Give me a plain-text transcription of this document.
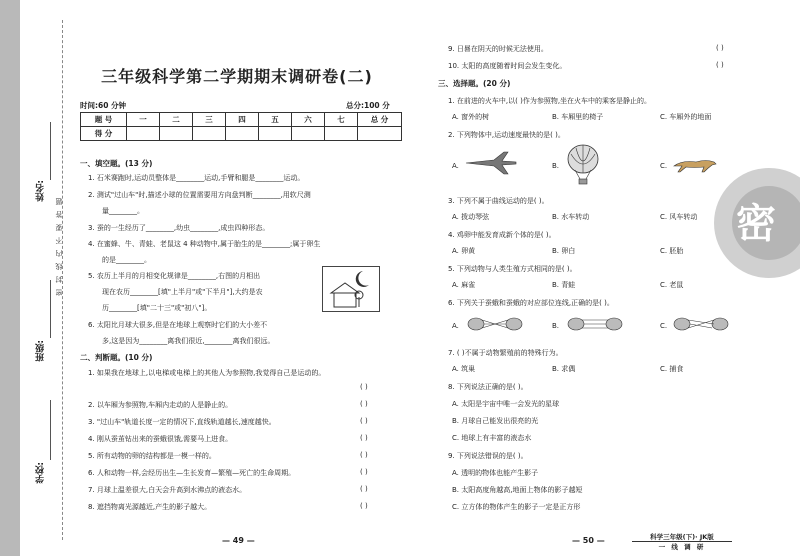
姓名:
班级:
学校:
密封线内不要答题
三年级科学第二学期期末调研卷(二)
时间:60 分钟	总分:100 分
题 号	一	二	三	四	五	六	七	总 分
得 分								
一、填空题。(13 分)
1. 石米赛跑时,运动员整体是________运动,手臂和腿是________运动。
2. 测试"过山车"时,描述小球的位置需要用方向盘判断________,用软尺测
量________。
3. 蚕的一生经历了________,幼虫________,成虫四种形态。
4. 在蜜蜂、牛、青蛙、老鼠这 4 种动物中,属于胎生的是________;属于卵生
的是________。
5. 农历上半月的月相变化规律是________,右图的月相出
现在农历________[填"上半月"或"下半月"],大约是农
历________[填"二十三"或"初八"]。
6. 太阳比月球大很多,但是在地球上观察时它们的大小差不
多,这是因为________离我们很近,________离我们很远。
二、判断题。(10 分)
1. 如果我在地球上,以电梯或电梯上的其他人为参照物,我觉得自己是运动的。
( )
2. 以车厢为参照物,车厢内走动的人是静止的。	( )
3. "过山车"轨道长度一定的情况下,直线轨道越长,速度越快。	( )
4. 刚从蚕茧钻出来的蚕蛾很饿,需要马上进食。	( )
5. 所有动物的卵的结构都是一模一样的。	( )
6. 人和动物一样,会经历出生—生长发育—繁殖—死亡的生命周期。	( )
7. 月球上温差很大,白天会升高到水沸点的液态水。	( )
8. 遮挡物离光源越近,产生的影子越大。	( )
— 49 —
密
9. 日晷在阴天的时候无法使用。	( )
10. 太阳的高度随着时间会发生变化。	( )
三、选择题。(20 分)
1. 在前进的火车中,以( )作为参照物,坐在火车中的乘客是静止的。
A. 窗外的树	B. 车厢里的椅子	C. 车厢外的地面
2. 下列物体中,运动速度最快的是( )。
A.	B.	C.
3. 下列不属于曲线运动的是( )。
A. 拨动琴弦	B. 水车转动	C. 风车转动
4. 鸡卵中能发育成新个体的是( )。
A. 卵黄	B. 卵白	C. 胚胎
5. 下列动物与人类生殖方式相同的是( )。
A. 麻雀	B. 青蛙	C. 老鼠
6. 下列关于蚕蛾和蚕蛾的对应部位连线,正确的是( )。
A.	B.	C.
7. ( )不属于动物繁殖前的特殊行为。
A. 筑巢	B. 求偶	C. 捕食
8. 下列说法正确的是( )。
A. 太阳是宇宙中唯一会发光的星球
B. 月球自己能发出很亮的光
C. 地球上有丰富的液态水
9. 下列说法错误的是( )。
A. 透明的物体也能产生影子
B. 太阳高度角越高,地面上物体的影子越短
C. 立方体的物体产生的影子一定是正方形
— 50 —	科学三年级(下)· JK版
一 线 调 研
